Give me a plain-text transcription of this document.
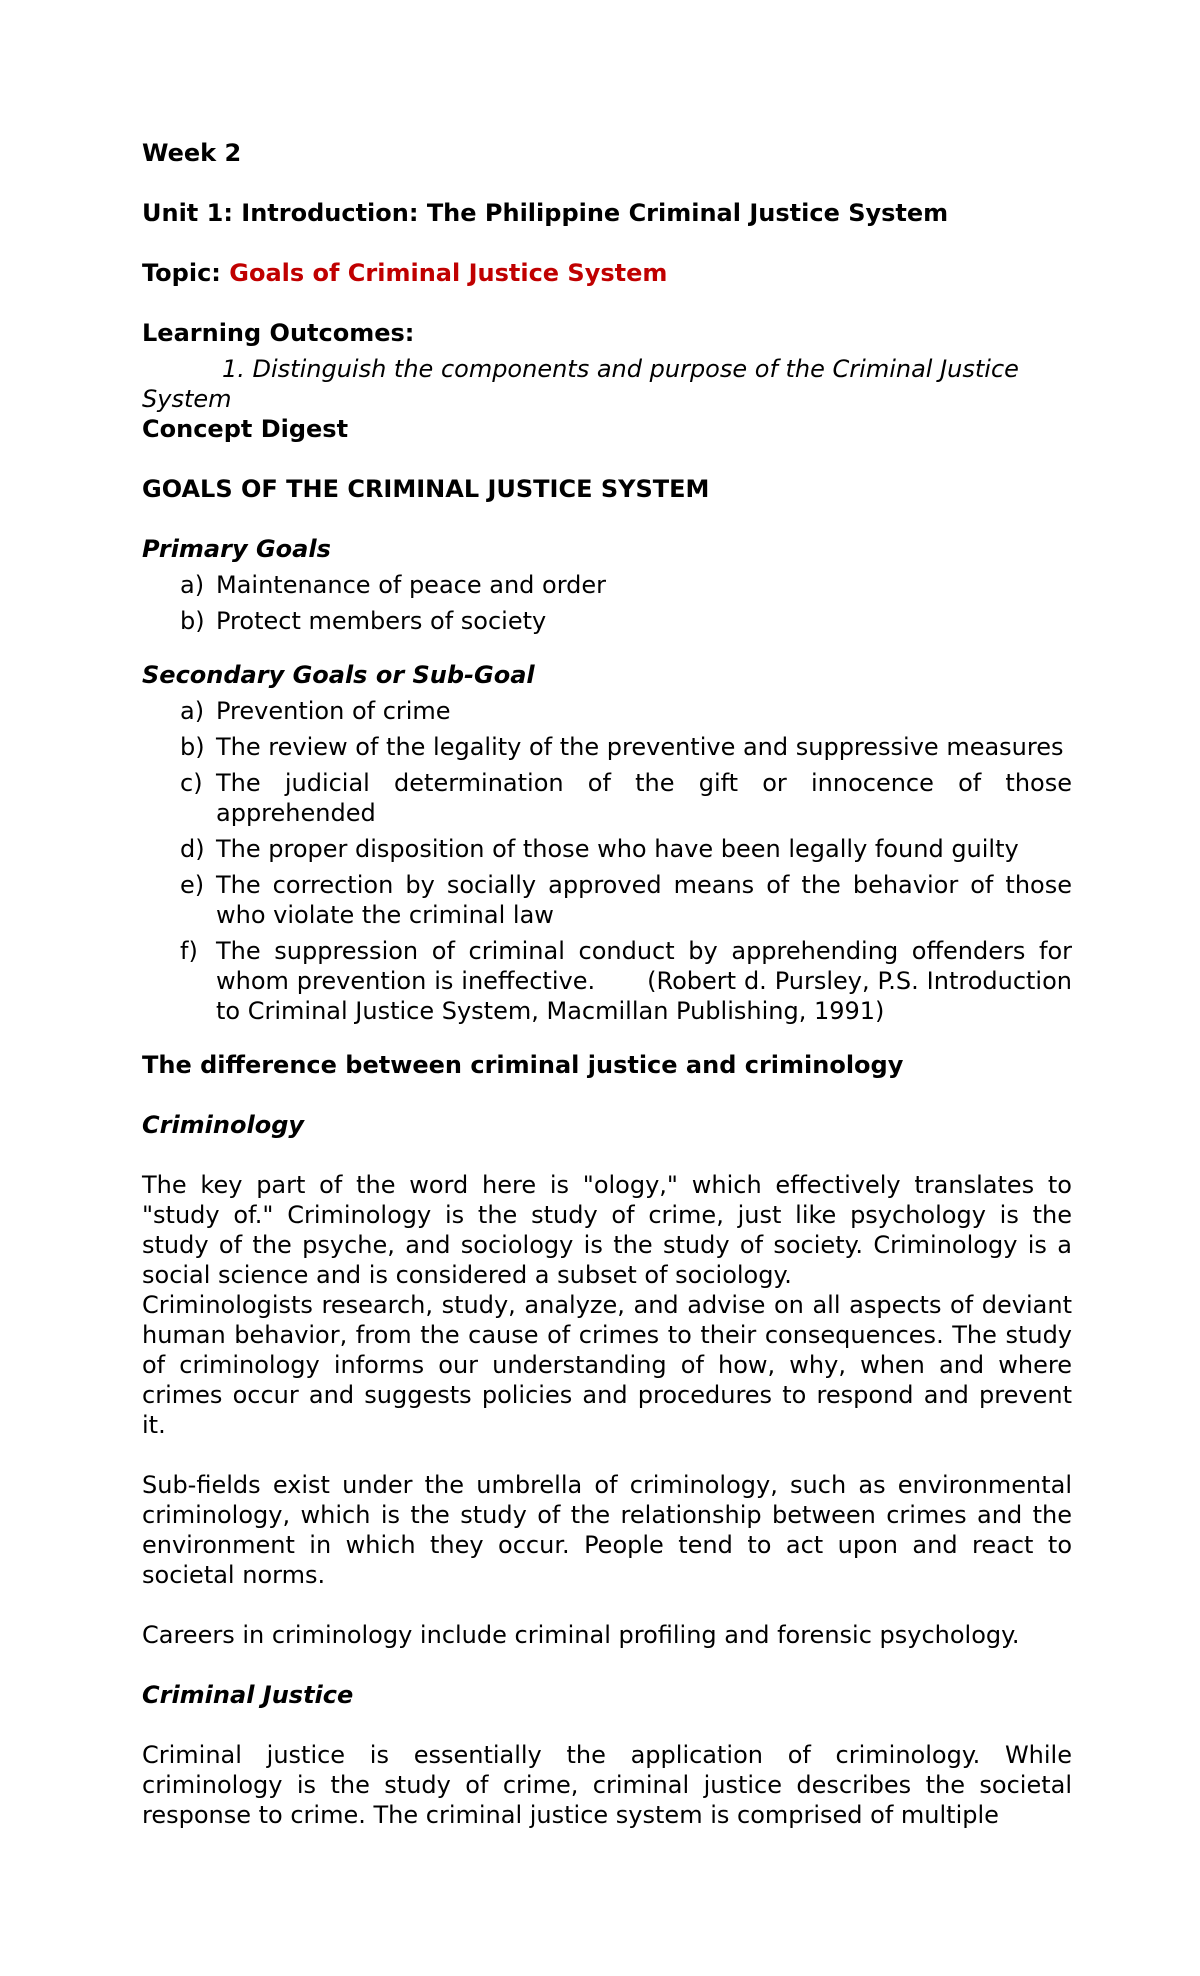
Week 2

Unit 1: Introduction: The Philippine Criminal Justice System

Topic: Goals of Criminal Justice System

Learning Outcomes:

1. Distinguish the components and purpose of the Criminal Justice System

Concept Digest

GOALS OF THE CRIMINAL JUSTICE SYSTEM

Primary Goals

a) Maintenance of peace and order
b) Protect members of society

Secondary Goals or Sub-Goal

a) Prevention of crime
b) The review of the legality of the preventive and suppressive measures
c) The judicial determination of the gift or innocence of those apprehended
d) The proper disposition of those who have been legally found guilty
e) The correction by socially approved means of the behavior of those who violate the criminal law
f) The suppression of criminal conduct by apprehending offenders for whom prevention is ineffective. (Robert d. Pursley, P.S. Introduction to Criminal Justice System, Macmillan Publishing, 1991)

The difference between criminal justice and criminology

Criminology

The key part of the word here is "ology," which effectively translates to "study of." Criminology is the study of crime, just like psychology is the study of the psyche, and sociology is the study of society. Criminology is a social science and is considered a subset of sociology.

Criminologists research, study, analyze, and advise on all aspects of deviant human behavior, from the cause of crimes to their consequences. The study of criminology informs our understanding of how, why, when and where crimes occur and suggests policies and procedures to respond and prevent it.

Sub-fields exist under the umbrella of criminology, such as environmental criminology, which is the study of the relationship between crimes and the environment in which they occur. People tend to act upon and react to societal norms.

Careers in criminology include criminal profiling and forensic psychology.

Criminal Justice

Criminal justice is essentially the application of criminology. While criminology is the study of crime, criminal justice describes the societal response to crime. The criminal justice system is comprised of multiple
